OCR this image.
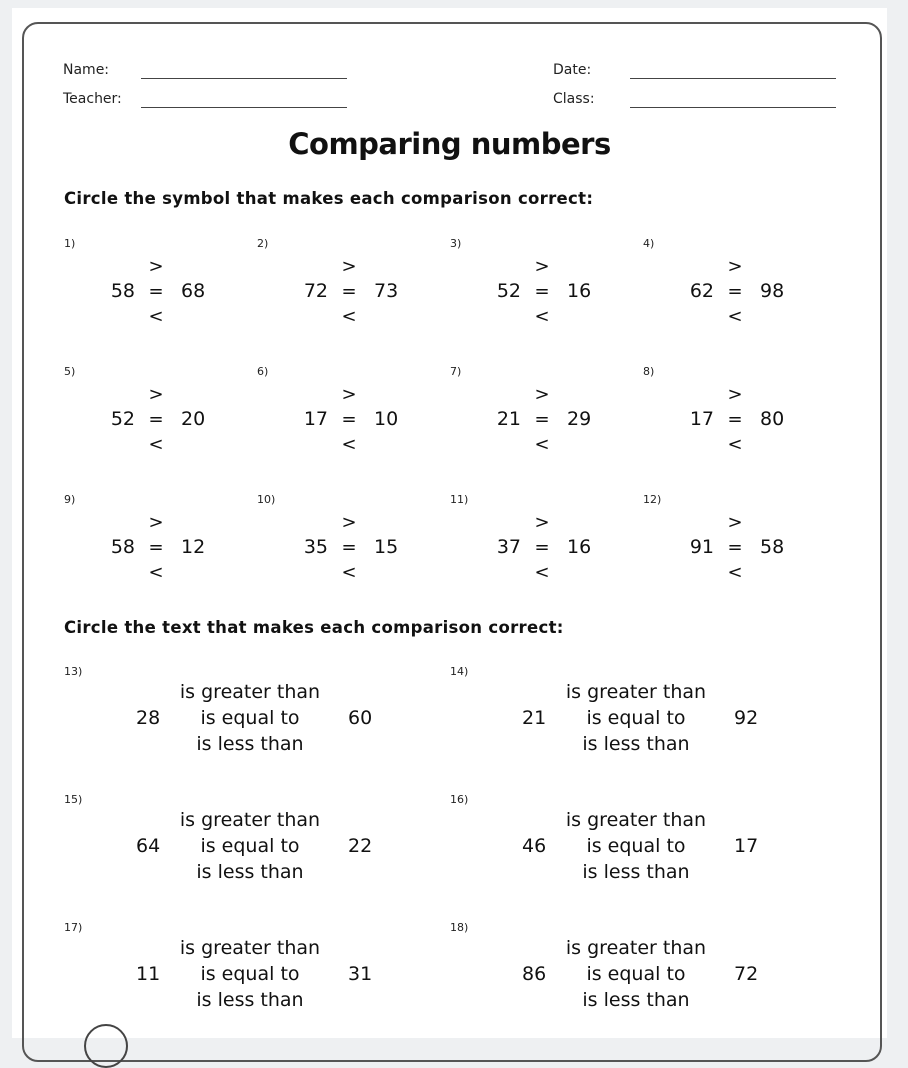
Name:
Teacher:
Date:
Class:
Comparing numbers
Circle the symbol that makes each comparison correct:
1)
58
>
=
<
68
2)
72
>
=
<
73
3)
52
>
=
<
16
4)
62
>
=
<
98
5)
52
>
=
<
20
6)
17
>
=
<
10
7)
21
>
=
<
29
8)
17
>
=
<
80
9)
58
>
=
<
12
10)
35
>
=
<
15
11)
37
>
=
<
16
12)
91
>
=
<
58
Circle the text that makes each comparison correct:
13)
28
is greater than
is equal to
is less than
60
14)
21
is greater than
is equal to
is less than
92
15)
64
is greater than
is equal to
is less than
22
16)
46
is greater than
is equal to
is less than
17
17)
11
is greater than
is equal to
is less than
31
18)
86
is greater than
is equal to
is less than
72
